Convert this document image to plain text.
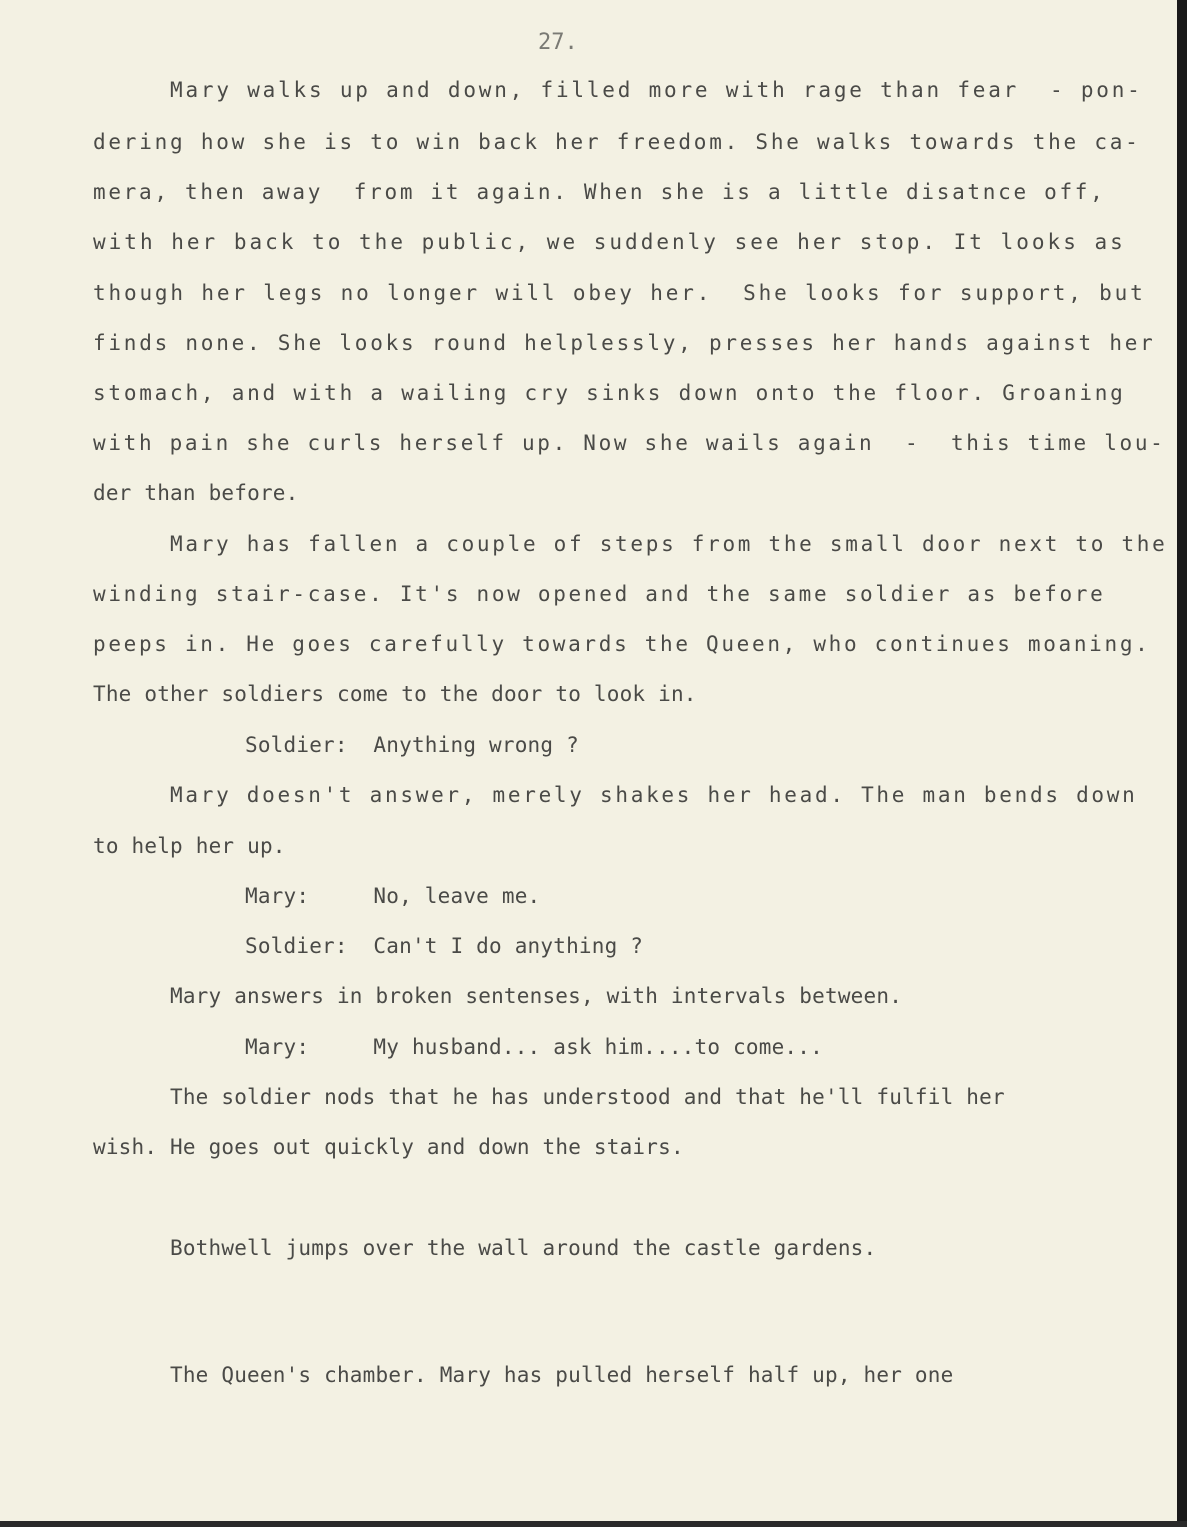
27.
Mary walks up and down, filled more with rage than fear  - pon-
dering how she is to win back her freedom. She walks towards the ca-
mera, then away  from it again. When she is a little disatnce off,
with her back to the public, we suddenly see her stop. It looks as
though her legs no longer will obey her.  She looks for support, but
finds none. She looks round helplessly, presses her hands against her
stomach, and with a wailing cry sinks down onto the floor. Groaning
with pain she curls herself up. Now she wails again  -  this time lou-
der than before.
Mary has fallen a couple of steps from the small door next to the
winding stair-case. It's now opened and the same soldier as before
peeps in. He goes carefully towards the Queen, who continues moaning.
The other soldiers come to the door to look in.
Soldier:  Anything wrong ?
Mary doesn't answer, merely shakes her head. The man bends down
to help her up.
Mary:     No, leave me.
Soldier:  Can't I do anything ?
Mary answers in broken sentenses, with intervals between.
Mary:     My husband... ask him....to come...
The soldier nods that he has understood and that he'll fulfil her
wish. He goes out quickly and down the stairs.
Bothwell jumps over the wall around the castle gardens.
The Queen's chamber. Mary has pulled herself half up, her one
